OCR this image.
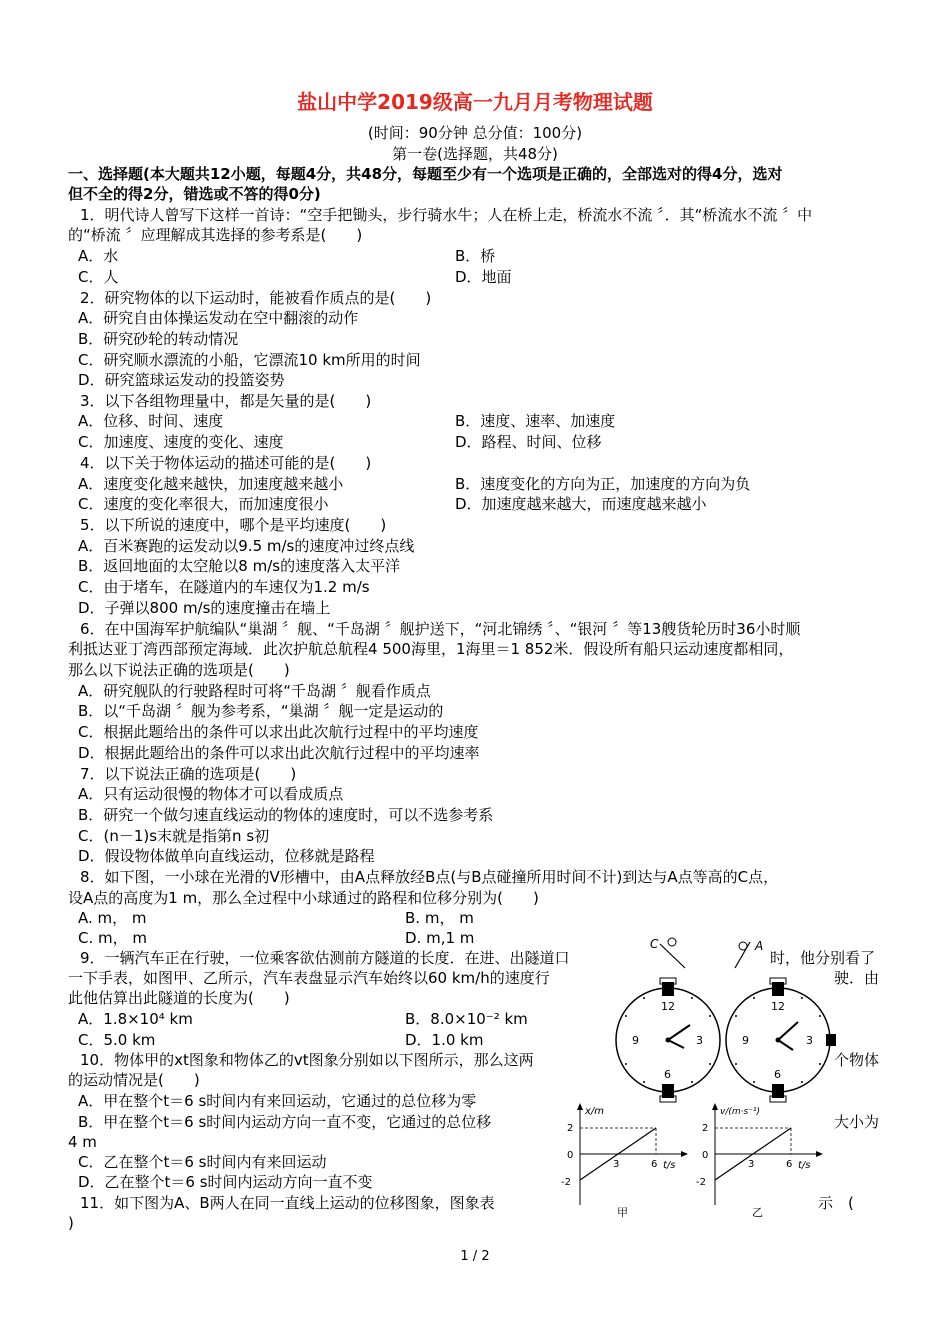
盐山中学2019级高一九月月考物理试题
(时间：90分钟 总分值：100分)
第一卷(选择题，共48分)
一、选择题(本大题共12小题，每题4分，共48分，每题至少有一个选项是正确的，全部选对的得4分，选对
但不全的得2分，错选或不答的得0分)
1．明代诗人曾写下这样一首诗：“空手把锄头，步行骑水牛；人在桥上走，桥流水不流 〞．其“桥流水不流 〞中
的“桥流 〞应理解成其选择的参考系是(　　)
A．水	B．桥
C．人	D．地面
2．研究物体的以下运动时，能被看作质点的是(　　)
A．研究自由体操运发动在空中翻滚的动作
B．研究砂轮的转动情况
C．研究顺水漂流的小船，它漂流10 km所用的时间
D．研究篮球运发动的投篮姿势
3．以下各组物理量中，都是矢量的是(　　)
A．位移、时间、速度	B．速度、速率、加速度
C．加速度、速度的变化、速度	D．路程、时间、位移
4．以下关于物体运动的描述可能的是(　　)
A．速度变化越来越快，加速度越来越小	B．速度变化的方向为正，加速度的方向为负
C．速度的变化率很大，而加速度很小	D．加速度越来越大，而速度越来越小
5．以下所说的速度中，哪个是平均速度(　　)
A．百米赛跑的运发动以9.5 m/s的速度冲过终点线
B．返回地面的太空舱以8 m/s的速度落入太平洋
C．由于堵车，在隧道内的车速仅为1.2 m/s
D．子弹以800 m/s的速度撞击在墙上
6．在中国海军护航编队“巢湖 〞舰、“千岛湖 〞舰护送下，“河北锦绣 〞、“银河 〞等13艘货轮历时36小时顺
利抵达亚丁湾西部预定海域．此次护航总航程4 500海里，1海里＝1 852米．假设所有船只运动速度都相同，
那么以下说法正确的选项是(　　)
A．研究舰队的行驶路程时可将“千岛湖 〞舰看作质点
B．以“千岛湖 〞舰为参考系，“巢湖 〞舰一定是运动的
C．根据此题给出的条件可以求出此次航行过程中的平均速度
D．根据此题给出的条件可以求出此次航行过程中的平均速率
7．以下说法正确的选项是(　　)
A．只有运动很慢的物体才可以看成质点
B．研究一个做匀速直线运动的物体的速度时，可以不选参考系
C．(n－1)s末就是指第n s初
D．假设物体做单向直线运动，位移就是路程
8．如下图，一小球在光滑的V形槽中，由A点释放经B点(与B点碰撞所用时间不计)到达与A点等高的C点，
设A点的高度为1 m，那么全过程中小球通过的路程和位移分别为(　　)
A. m， m	B. m， m
C. m， m	D. m,1 m
9．一辆汽车正在行驶，一位乘客欲估测前方隧道的长度．在进、出隧道口	时，他分别看了
一下手表，如图甲、乙所示，汽车表盘显示汽车始终以60 km/h的速度行	驶．由
此他估算出此隧道的长度为(　　)
A．1.8×10⁴ km	B．8.0×10⁻² km
C．5.0 km	D．1.0 km
10．物体甲的xt图象和物体乙的vt图象分别如以下图所示，那么这两	个物体
的运动情况是(　　)
A．甲在整个t＝6 s时间内有来回运动，它通过的总位移为零
B．甲在整个t＝6 s时间内运动方向一直不变，它通过的总位移	大小为
4 m
C．乙在整个t＝6 s时间内有来回运动
D．乙在整个t＝6 s时间内运动方向一直不变
11．如下图为A、B两人在同一直线上运动的位移图象，图象表	示　(
)
C	A
12
3
6
9
12
3
6
9
x/m
t/s
2
0
-2
3	6
甲
v/(m·s⁻¹)
t/s
2
0
-2
3	6
乙
1 / 2
